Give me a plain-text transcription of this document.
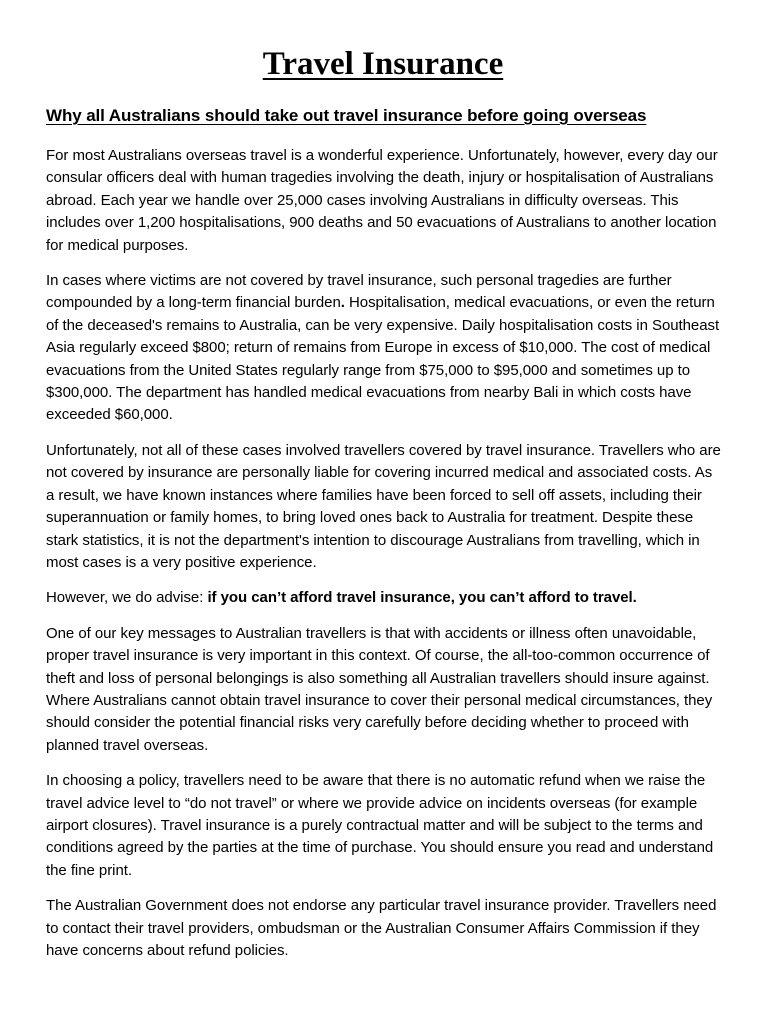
Travel Insurance
Why all Australians should take out travel insurance before going overseas

For most Australians overseas travel is a wonderful experience. Unfortunately, however, every day our consular officers deal with human tragedies involving the death, injury or hospitalisation of Australians abroad. Each year we handle over 25,000 cases involving Australians in difficulty overseas. This includes over 1,200 hospitalisations, 900 deaths and 50 evacuations of Australians to another location for medical purposes.

In cases where victims are not covered by travel insurance, such personal tragedies are further compounded by a long-term financial burden. Hospitalisation, medical evacuations, or even the return of the deceased's remains to Australia, can be very expensive. Daily hospitalisation costs in Southeast Asia regularly exceed $800; return of remains from Europe in excess of $10,000. The cost of medical evacuations from the United States regularly range from $75,000 to $95,000 and sometimes up to $300,000. The department has handled medical evacuations from nearby Bali in which costs have exceeded $60,000.

Unfortunately, not all of these cases involved travellers covered by travel insurance. Travellers who are not covered by insurance are personally liable for covering incurred medical and associated costs. As a result, we have known instances where families have been forced to sell off assets, including their superannuation or family homes, to bring loved ones back to Australia for treatment. Despite these stark statistics, it is not the department's intention to discourage Australians from travelling, which in most cases is a very positive experience.

However, we do advise: if you can’t afford travel insurance, you can’t afford to travel.

One of our key messages to Australian travellers is that with accidents or illness often unavoidable, proper travel insurance is very important in this context. Of course, the all-too-common occurrence of theft and loss of personal belongings is also something all Australian travellers should insure against. Where Australians cannot obtain travel insurance to cover their personal medical circumstances, they should consider the potential financial risks very carefully before deciding whether to proceed with planned travel overseas.

In choosing a policy, travellers need to be aware that there is no automatic refund when we raise the travel advice level to “do not travel” or where we provide advice on incidents overseas (for example airport closures). Travel insurance is a purely contractual matter and will be subject to the terms and conditions agreed by the parties at the time of purchase. You should ensure you read and understand the fine print.

The Australian Government does not endorse any particular travel insurance provider. Travellers need to contact their travel providers, ombudsman or the Australian Consumer Affairs Commission if they have concerns about refund policies.
